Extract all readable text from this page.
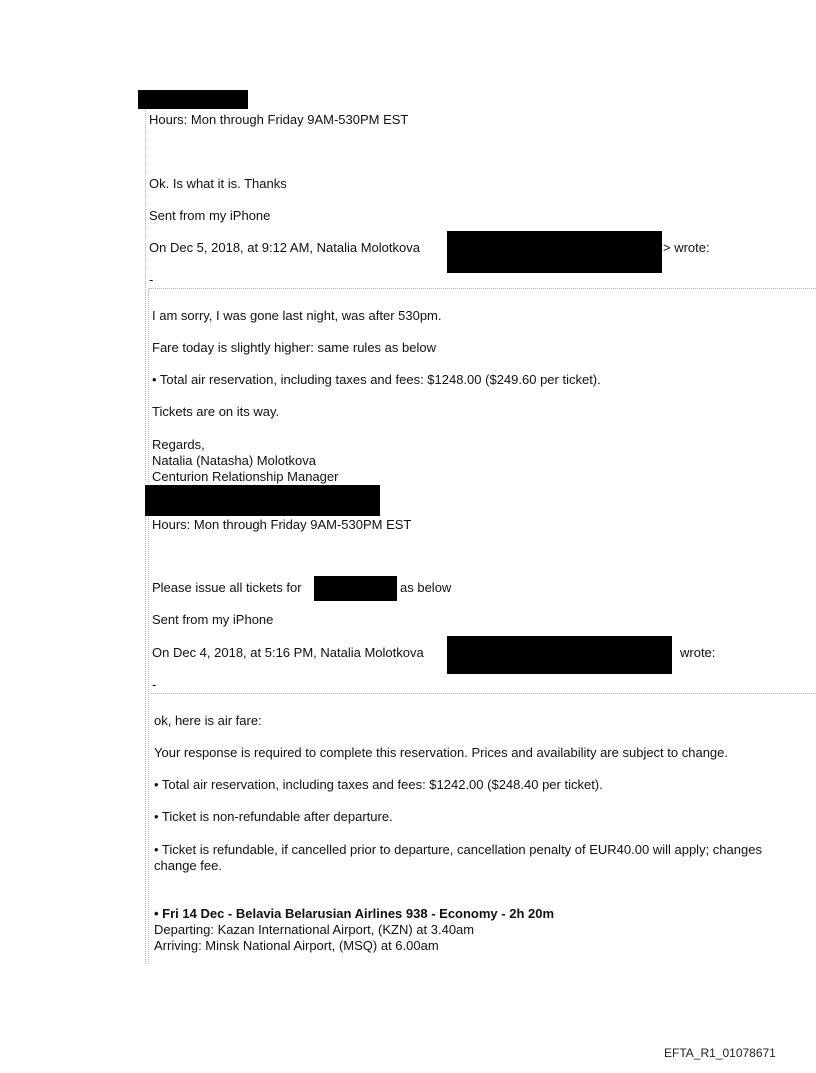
Hours: Mon through Friday 9AM-530PM EST
Ok. Is what it is. Thanks
Sent from my iPhone
On Dec 5, 2018, at 9:12 AM, Natalia Molotkova	> wrote:
-
I am sorry, I was gone last night, was after 530pm.
Fare today is slightly higher: same rules as below
• Total air reservation, including taxes and fees: $1248.00 ($249.60 per ticket).
Tickets are on its way.
Regards,
Natalia (Natasha) Molotkova
Centurion Relationship Manager
Hours: Mon through Friday 9AM-530PM EST
Please issue all tickets for	as below
Sent from my iPhone
On Dec 4, 2018, at 5:16 PM, Natalia Molotkova	wrote:
-
ok, here is air fare:
Your response is required to complete this reservation. Prices and availability are subject to change.
• Total air reservation, including taxes and fees: $1242.00 ($248.40 per ticket).
• Ticket is non-refundable after departure.
• Ticket is refundable, if cancelled prior to departure, cancellation penalty of EUR40.00 will apply; changes
change fee.
• Fri 14 Dec - Belavia Belarusian Airlines 938 - Economy - 2h 20m
Departing: Kazan International Airport, (KZN) at 3.40am
Arriving: Minsk National Airport, (MSQ) at 6.00am
EFTA_R1_01078671
